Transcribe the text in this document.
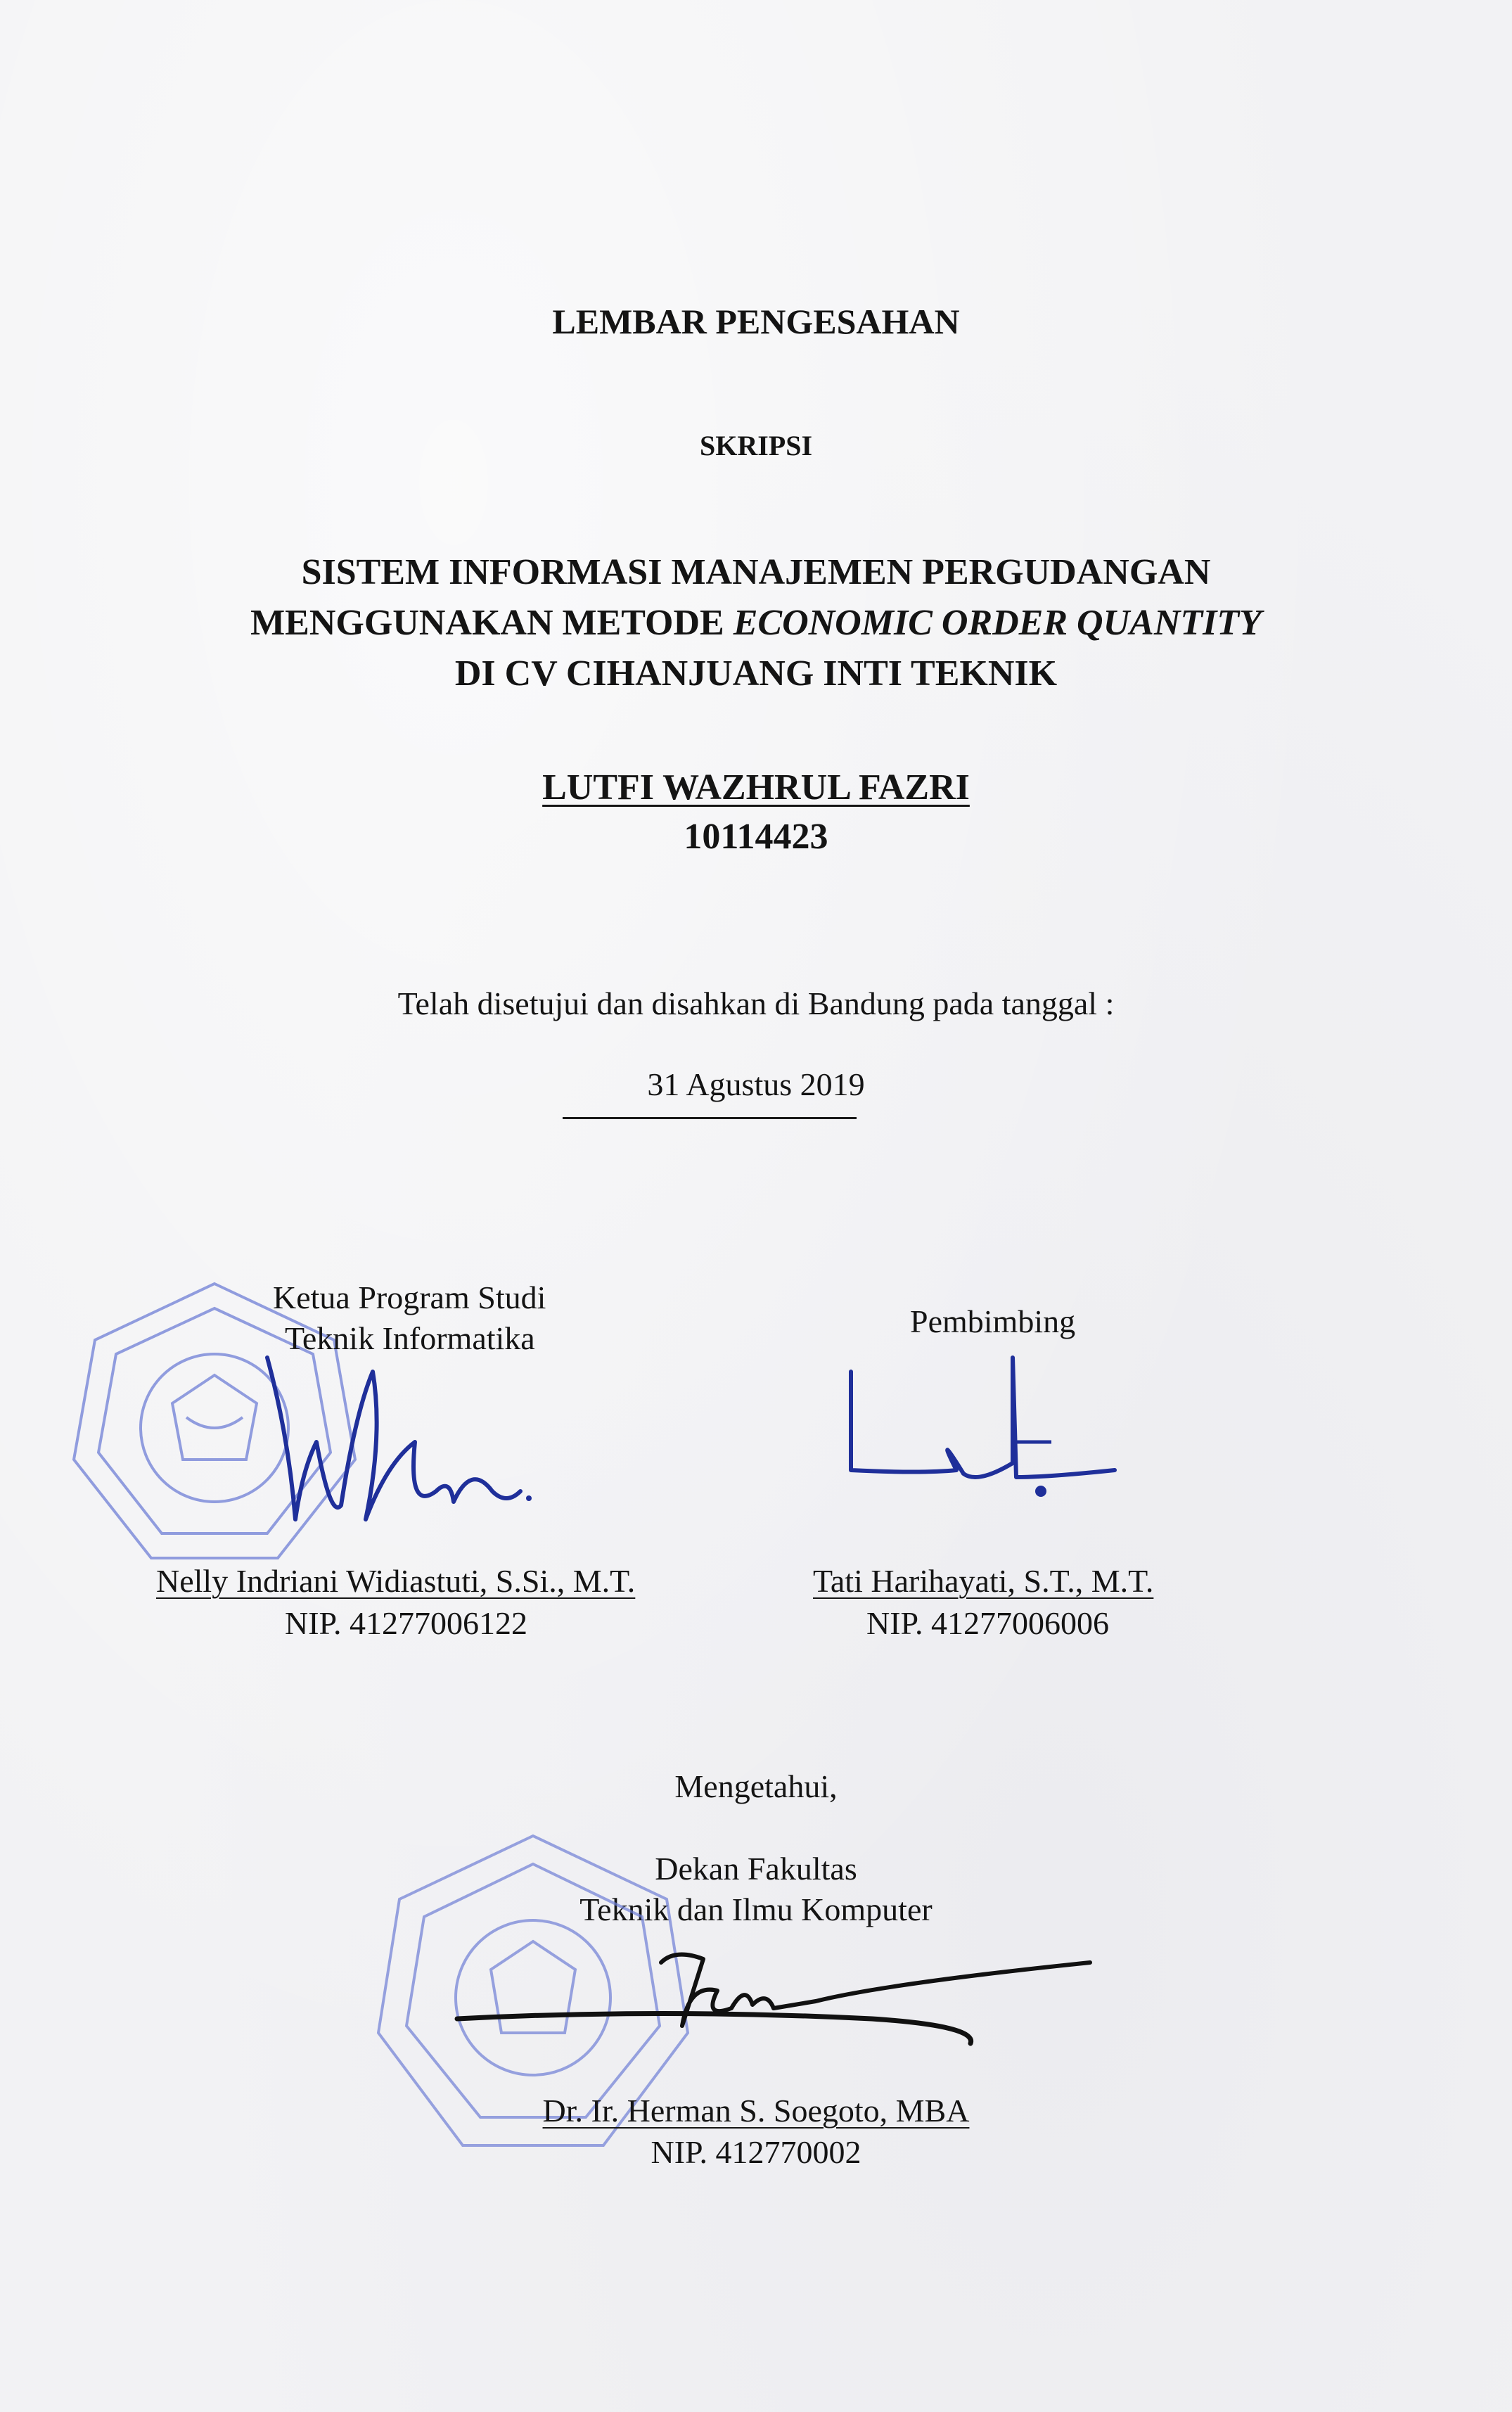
LEMBAR PENGESAHAN
SKRIPSI
SISTEM INFORMASI MANAJEMEN PERGUDANGAN
MENGGUNAKAN METODE ECONOMIC ORDER QUANTITY
DI CV CIHANJUANG INTI TEKNIK
LUTFI WAZHRUL FAZRI
10114423
Telah disetujui dan disahkan di Bandung pada tanggal :
31 Agustus 2019
Ketua Program Studi
Teknik Informatika
Nelly Indriani Widiastuti, S.Si., M.T.
NIP. 41277006122
Pembimbing
Tati Harihayati, S.T., M.T.
NIP. 41277006006
Mengetahui,
Dekan Fakultas
Teknik dan Ilmu Komputer
Dr. Ir. Herman S. Soegoto, MBA
NIP. 412770002
